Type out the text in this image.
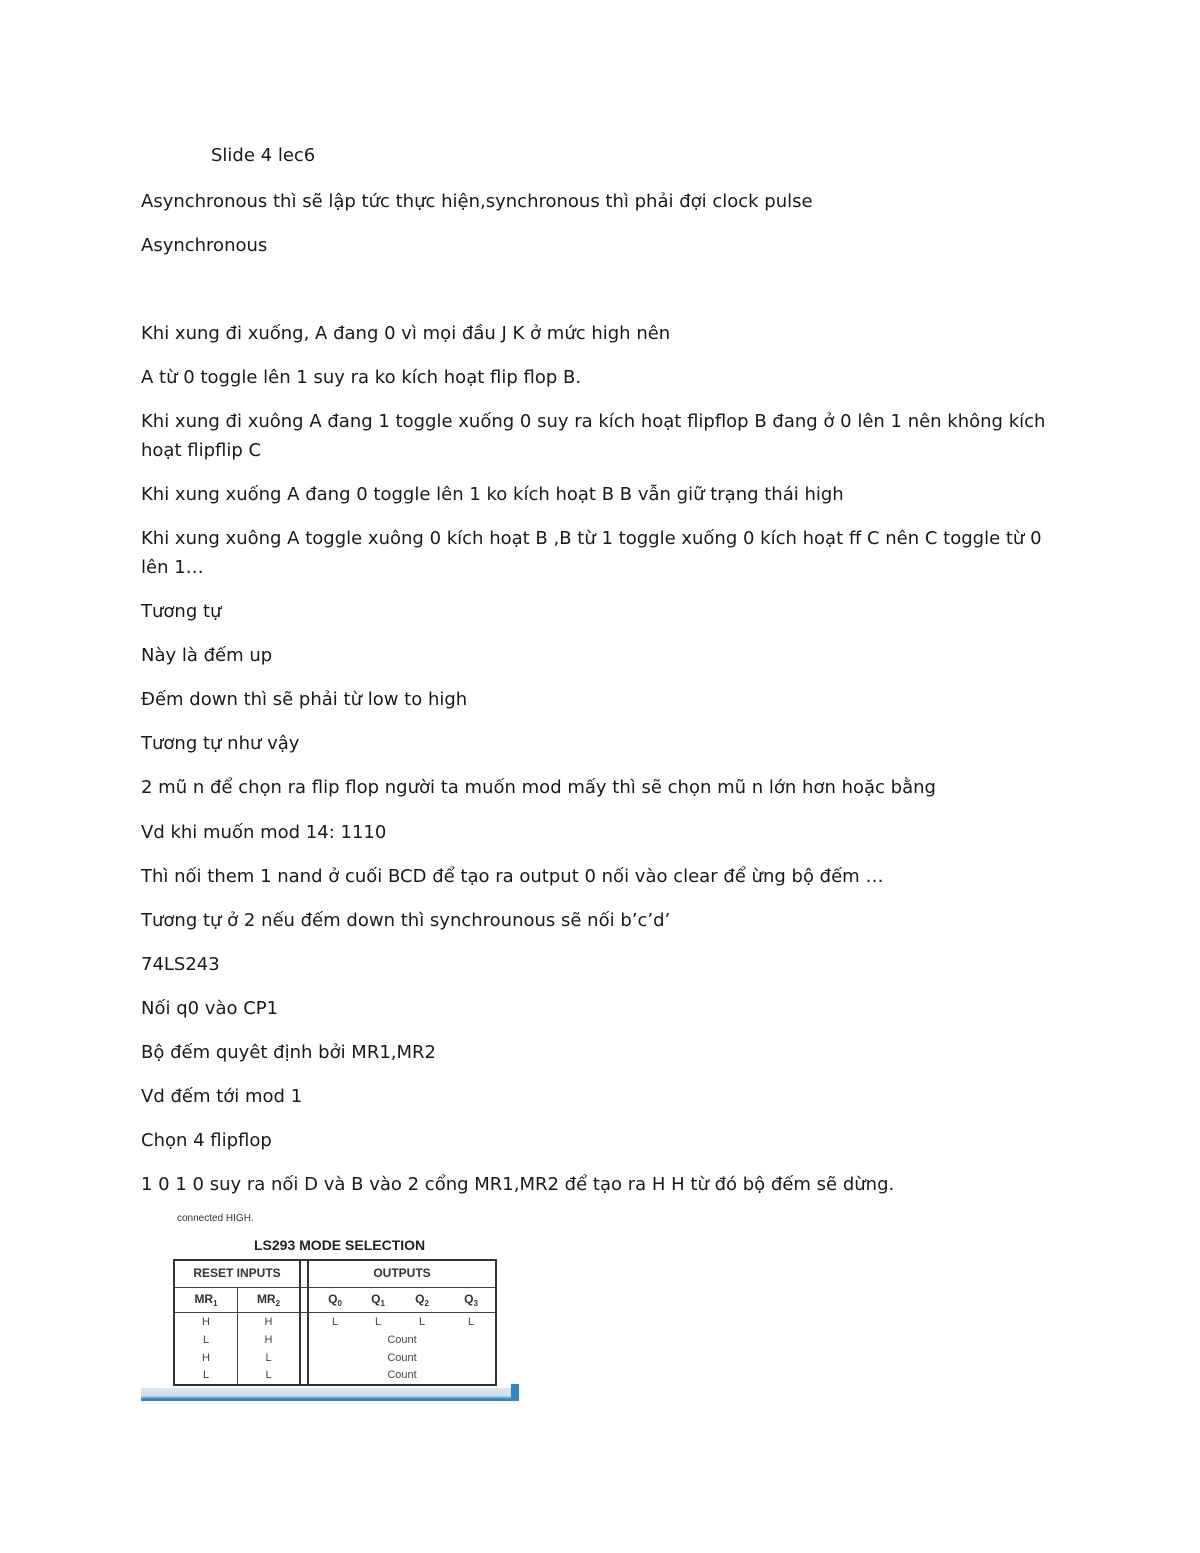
Slide 4 lec6
Asynchronous thì sẽ lập tức thực hiện,synchronous thì phải đợi clock pulse
Asynchronous
Khi xung đi xuống, A đang 0 vì mọi đầu J K ở mức high nên
A từ 0 toggle lên 1 suy ra ko kích hoạt flip flop B.
Khi xung đi xuông A đang 1 toggle xuống 0 suy ra kích hoạt flipflop B đang ở 0 lên 1 nên không kích hoạt flipflip C
Khi xung xuống A đang 0 toggle lên 1 ko kích hoạt B B vẫn giữ trạng thái high
Khi xung xuông A toggle xuông 0 kích hoạt B ,B từ 1 toggle xuống 0 kích hoạt ff C nên C toggle từ 0 lên 1…
Tương tự
Này là đếm up
Đếm down thì sẽ phải từ low to high
Tương tự như vậy
2 mũ n để chọn ra flip flop người ta muốn mod mấy thì sẽ chọn mũ n lớn hơn hoặc bằng
Vd khi muốn mod 14: 1110
Thì nối them 1 nand ở cuối BCD để tạo ra output 0 nối vào clear để ừng bộ đếm …
Tương tự ở 2 nếu đếm down thì synchrounous sẽ nối b’c’d’
74LS243
Nối q0 vào CP1
Bộ đếm quyêt định bởi MR1,MR2
Vd đếm tới mod 1
Chọn 4 flipflop
1 0 1 0 suy ra nối D và B vào 2 cổng MR1,MR2 để tạo ra H H từ đó bộ đếm sẽ dừng.
connected HIGH.
LS293 MODE SELECTION
RESET INPUTS	OUTPUTS
$MR_1$	$MR_2$	$Q_0$	$Q_1$	$Q_2$	$Q_3$
H	H	L	L	L	L
L	H	Count
H	L	Count
L	L	Count
